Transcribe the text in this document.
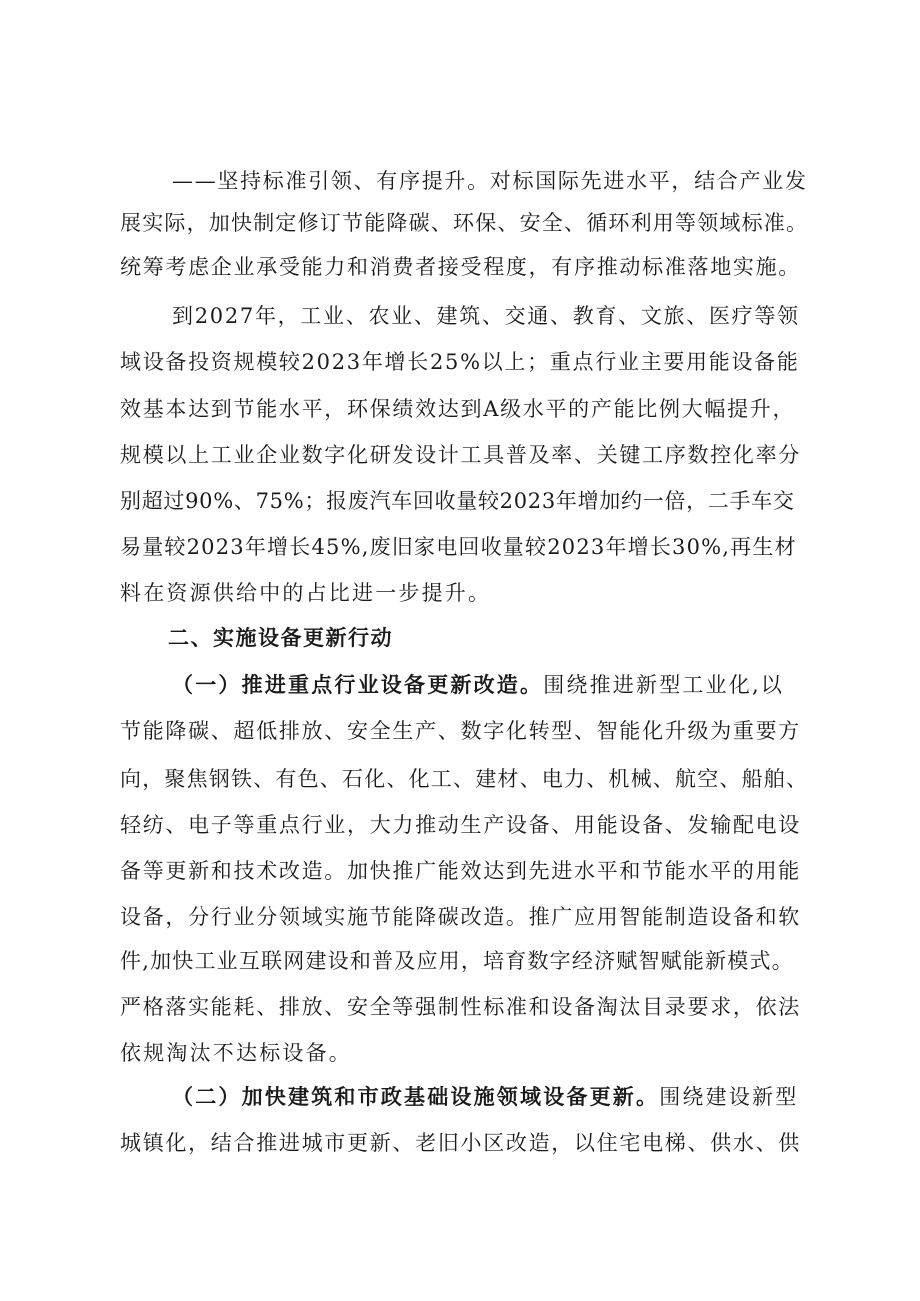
——坚持标准引领、有序提升。对标国际先进水平，结合产业发
展实际，加快制定修订节能降碳、环保、安全、循环利用等领域标准。
统筹考虑企业承受能力和消费者接受程度，有序推动标准落地实施。
到2027年，工业、农业、建筑、交通、教育、文旅、医疗等领
域设备投资规模较2023年增长25%以上；重点行业主要用能设备能
效基本达到节能水平，环保绩效达到A级水平的产能比例大幅提升，
规模以上工业企业数字化研发设计工具普及率、关键工序数控化率分
别超过90%、75%；报废汽车回收量较2023年增加约一倍，二手车交
易量较2023年增长45%,废旧家电回收量较2023年增长30%,再生材
料在资源供给中的占比进一步提升。
二、实施设备更新行动
（一）推进重点行业设备更新改造。围绕推进新型工业化,以
节能降碳、超低排放、安全生产、数字化转型、智能化升级为重要方
向，聚焦钢铁、有色、石化、化工、建材、电力、机械、航空、船舶、
轻纺、电子等重点行业，大力推动生产设备、用能设备、发输配电设
备等更新和技术改造。加快推广能效达到先进水平和节能水平的用能
设备，分行业分领域实施节能降碳改造。推广应用智能制造设备和软
件,加快工业互联网建设和普及应用，培育数字经济赋智赋能新模式。
严格落实能耗、排放、安全等强制性标准和设备淘汰目录要求，依法
依规淘汰不达标设备。
（二）加快建筑和市政基础设施领域设备更新。围绕建设新型
城镇化，结合推进城市更新、老旧小区改造，以住宅电梯、供水、供
